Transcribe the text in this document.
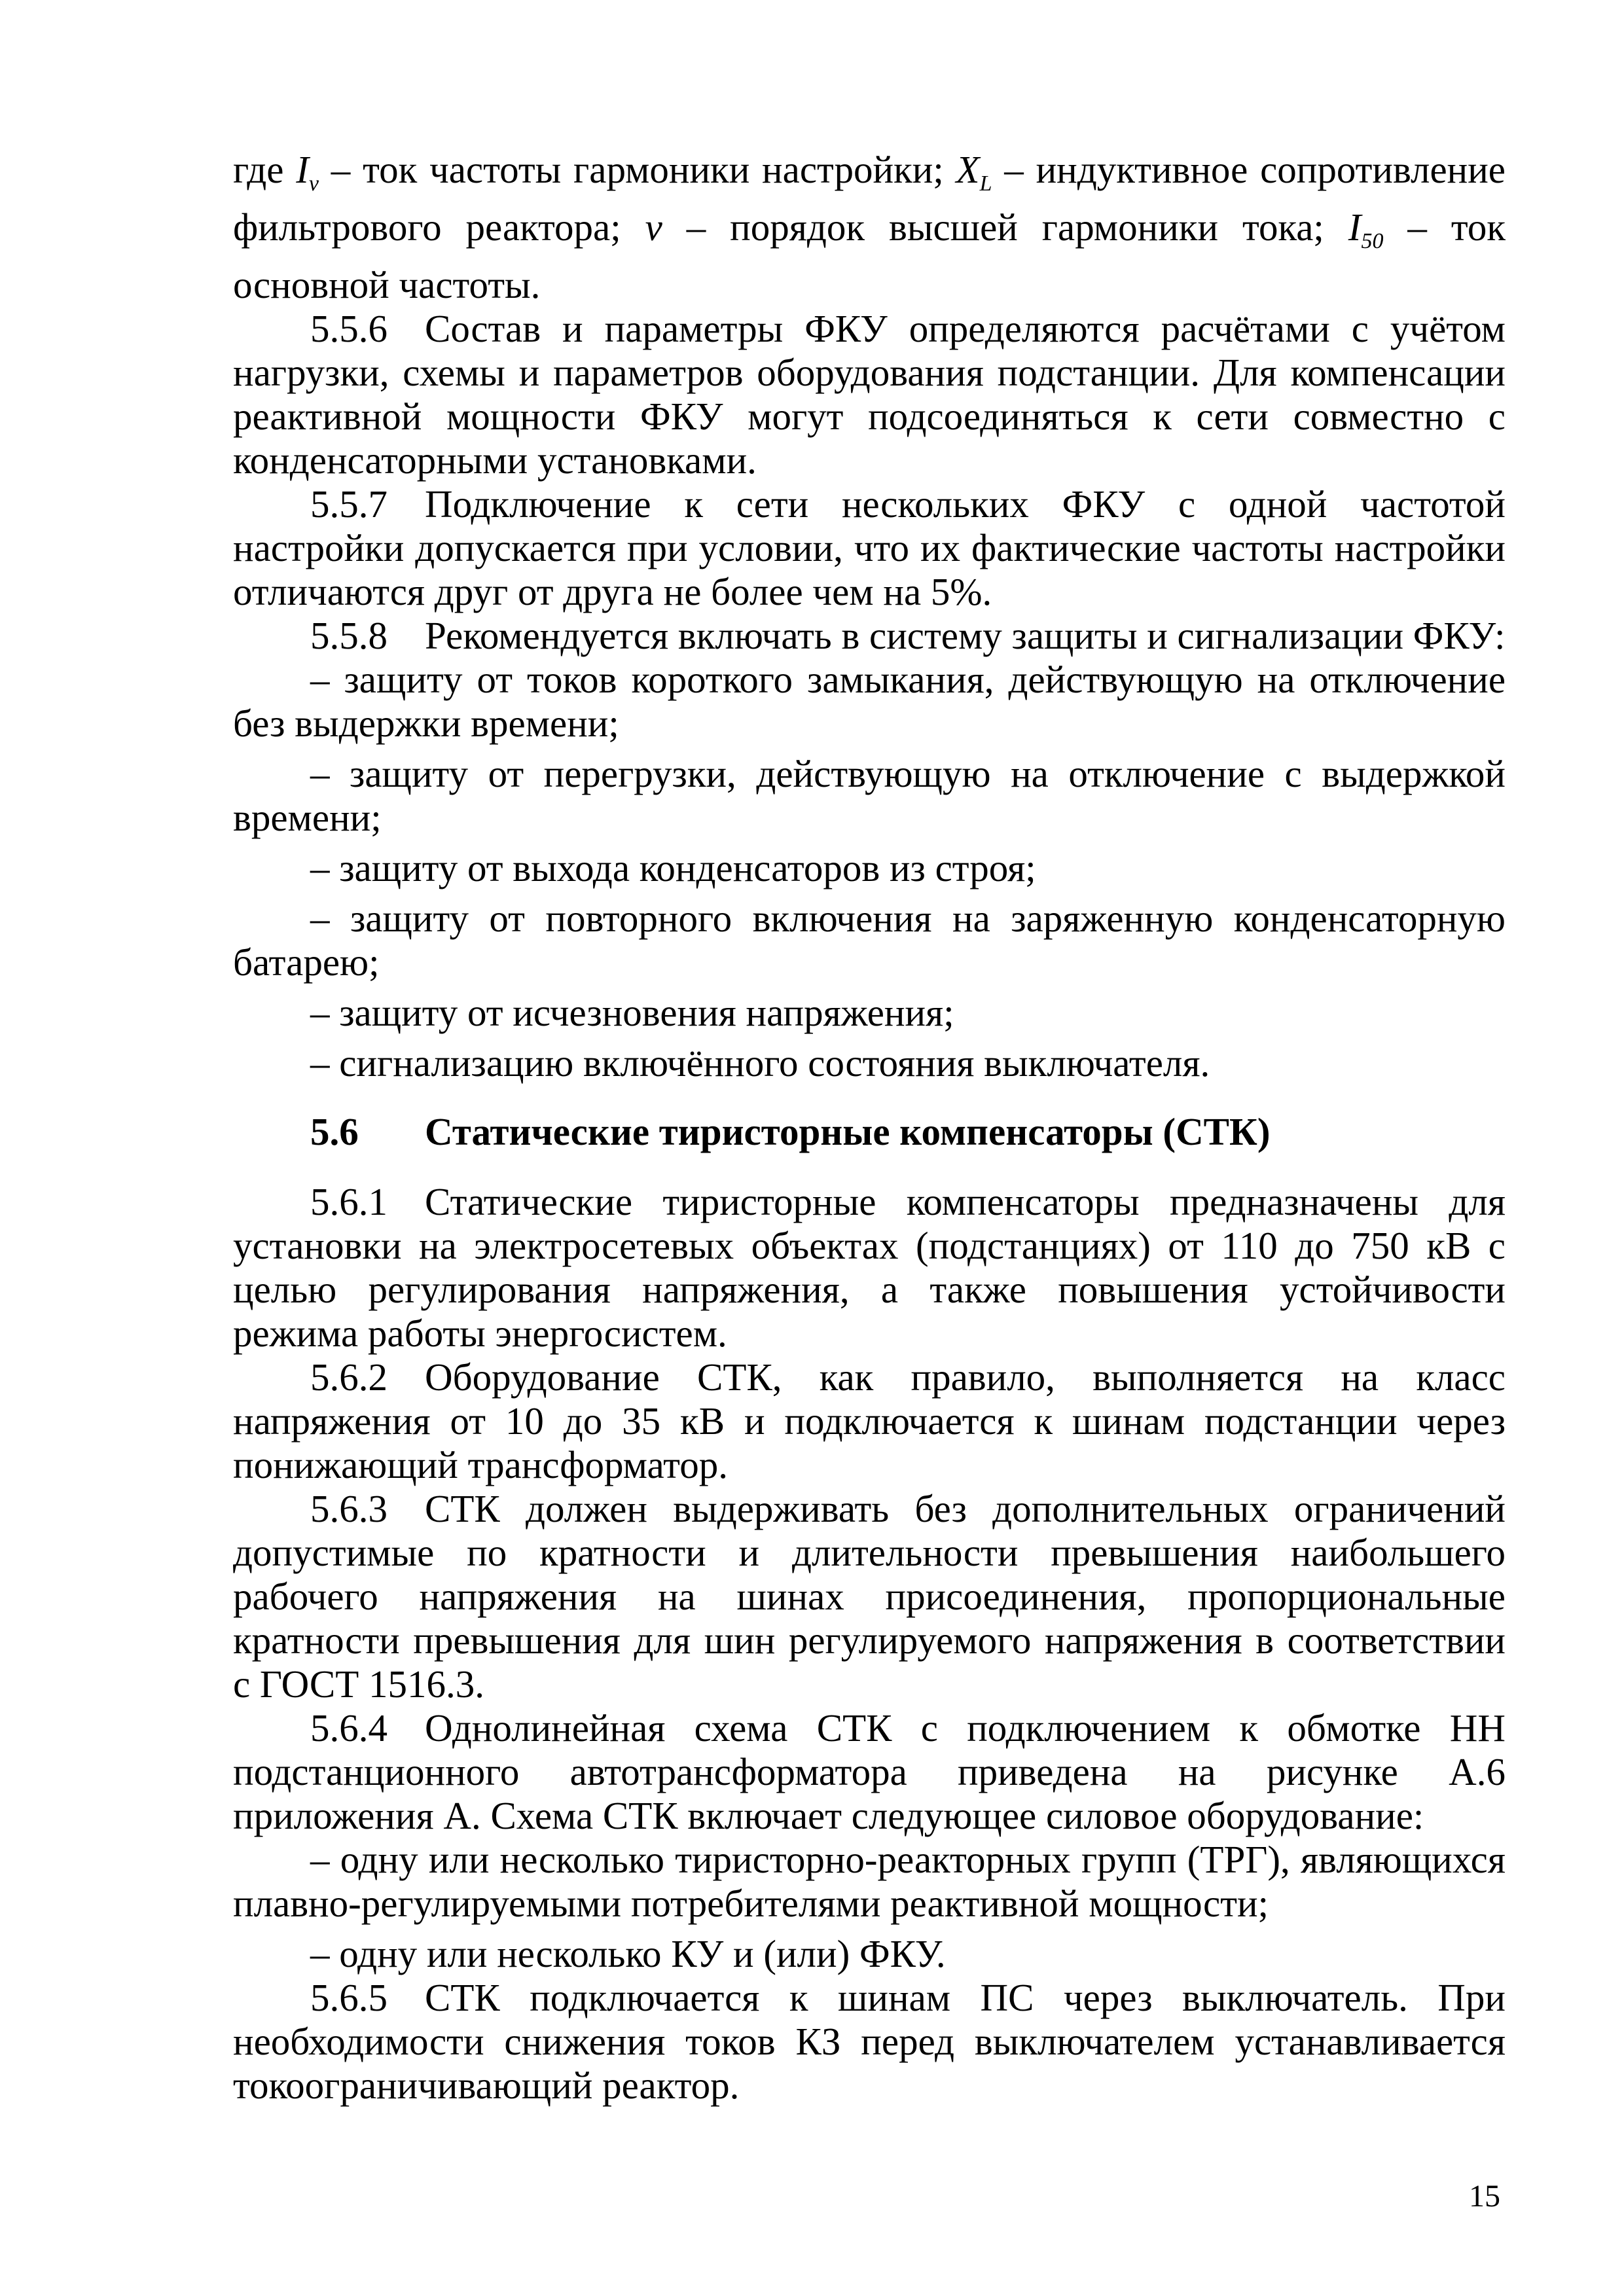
где $I_\nu$ – ток частоты гармоники настройки; $X_L$ – индуктивное сопротивление фильтрового реактора; ν – порядок высшей гармоники тока; $I_{50}$ – ток основной частоты.

5.5.6 Состав и параметры ФКУ определяются расчётами с учётом нагрузки, схемы и параметров оборудования подстанции. Для компенсации реактивной мощности ФКУ могут подсоединяться к сети совместно с конденсаторными установками.

5.5.7 Подключение к сети нескольких ФКУ с одной частотой настройки допускается при условии, что их фактические частоты настройки отличаются друг от друга не более чем на 5%.

5.5.8 Рекомендуется включать в систему защиты и сигнализации ФКУ:

– защиту от токов короткого замыкания, действующую на отключение без выдержки времени;

– защиту от перегрузки, действующую на отключение с выдержкой времени;

– защиту от выхода конденсаторов из строя;

– защиту от повторного включения на заряженную конденсаторную батарею;

– защиту от исчезновения напряжения;

– сигнализацию включённого состояния выключателя.

5.6 Статические тиристорные компенсаторы (СТК)

5.6.1 Статические тиристорные компенсаторы предназначены для установки на электросетевых объектах (подстанциях) от 110 до 750 кВ с целью регулирования напряжения, а также повышения устойчивости режима работы энергосистем.

5.6.2 Оборудование СТК, как правило, выполняется на класс напряжения от 10 до 35 кВ и подключается к шинам подстанции через понижающий трансформатор.

5.6.3 СТК должен выдерживать без дополнительных ограничений допустимые по кратности и длительности превышения наибольшего рабочего напряжения на шинах присоединения, пропорциональные кратности превышения для шин регулируемого напряжения в соответствии с ГОСТ 1516.3.

5.6.4 Однолинейная схема СТК с подключением к обмотке НН подстанционного автотрансформатора приведена на рисунке А.6 приложения А. Схема СТК включает следующее силовое оборудование:

– одну или несколько тиристорно-реакторных групп (ТРГ), являющихся плавно-регулируемыми потребителями реактивной мощности;

– одну или несколько КУ и (или) ФКУ.

5.6.5 СТК подключается к шинам ПС через выключатель. При необходимости снижения токов КЗ перед выключателем устанавливается токоограничивающий реактор.

15
